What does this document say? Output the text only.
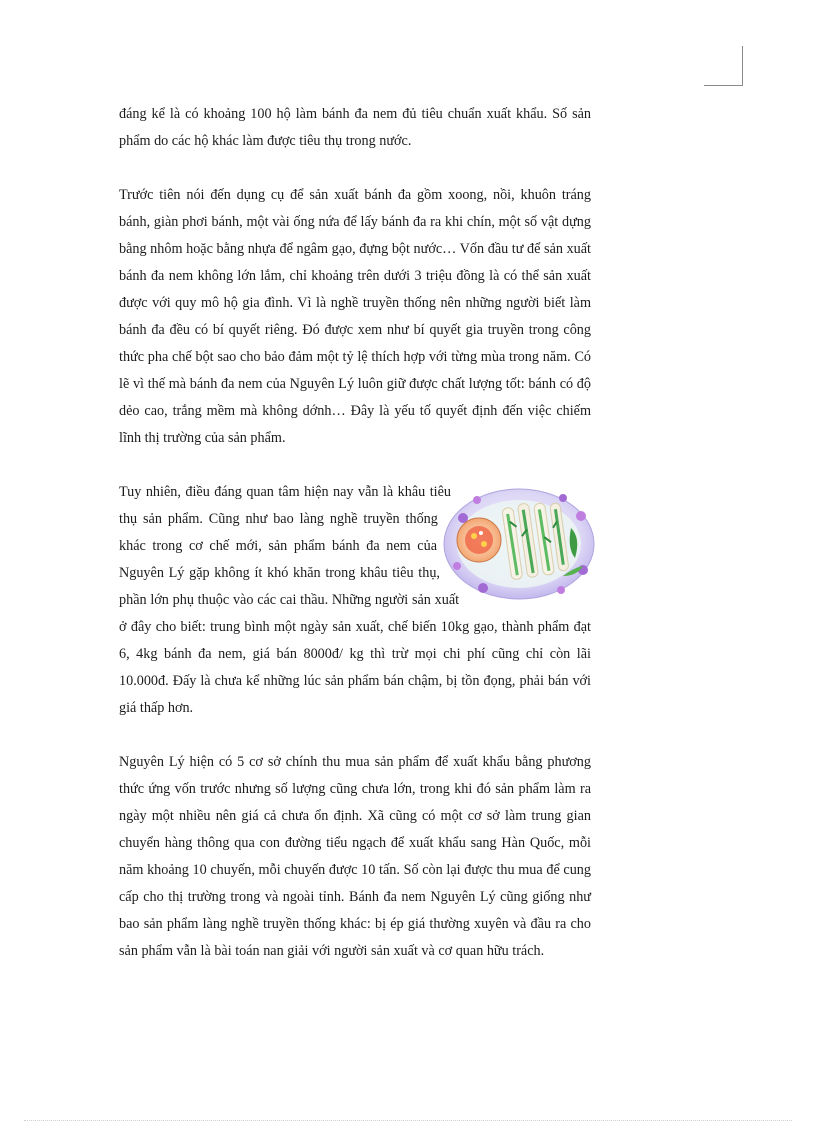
đáng kể là có khoảng 100 hộ làm bánh đa nem đủ tiêu chuẩn xuất khẩu. Số sản phẩm do các hộ khác làm được tiêu thụ trong nước.

Trước tiên nói đến dụng cụ để sản xuất bánh đa gồm xoong, nồi, khuôn tráng bánh, giàn phơi bánh, một vài ống nứa để lấy bánh đa ra khi chín, một số vật dựng bằng nhôm hoặc bằng nhựa để ngâm gạo, đựng bột nước… Vốn đầu tư để sản xuất bánh đa nem không lớn lắm, chỉ khoảng trên dưới 3 triệu đồng là có thể sản xuất được với quy mô hộ gia đình. Vì là nghề truyền thống nên những người biết làm bánh đa đều có bí quyết riêng. Đó được xem như bí quyết gia truyền trong công thức pha chế bột sao cho bảo đảm một tỷ lệ thích hợp với từng mùa trong năm. Có lẽ vì thế mà bánh đa nem của Nguyên Lý luôn giữ được chất lượng tốt: bánh có độ dẻo cao, trắng mềm mà không dớnh… Đây là yếu tố quyết định đến việc chiếm lĩnh thị trường của sản phẩm.

Tuy nhiên, điều đáng quan tâm hiện nay vẫn là khâu tiêu thụ sản phẩm. Cũng như bao làng nghề truyền thống khác trong cơ chế mới, sản phẩm bánh đa nem của Nguyên Lý gặp không ít khó khăn trong khâu tiêu thụ, phần lớn phụ thuộc vào các cai thầu. Những người sản xuất ở đây cho biết: trung bình một ngày sản xuất, chế biến 10kg gạo, thành phẩm đạt 6, 4kg bánh đa nem, giá bán 8000đ/ kg thì trừ mọi chi phí cũng chỉ còn lãi 10.000đ. Đấy là chưa kể những lúc sản phẩm bán chậm, bị tồn đọng, phải bán với giá thấp hơn.

Nguyên Lý hiện có 5 cơ sở chính thu mua sản phẩm để xuất khẩu bằng phương thức ứng vốn trước nhưng số lượng cũng chưa lớn, trong khi đó sản phẩm làm ra ngày một nhiều nên giá cả chưa ổn định. Xã cũng có một cơ sở làm trung gian chuyển hàng thông qua con đường tiểu ngạch để xuất khẩu sang Hàn Quốc, mỗi năm khoảng 10 chuyến, mỗi chuyến được 10 tấn. Số còn lại được thu mua để cung cấp cho thị trường trong và ngoài tỉnh. Bánh đa nem Nguyên Lý cũng giống như bao sản phẩm làng nghề truyền thống khác: bị ép giá thường xuyên và đầu ra cho sản phẩm vẫn là bài toán nan giải với người sản xuất và cơ quan hữu trách.
